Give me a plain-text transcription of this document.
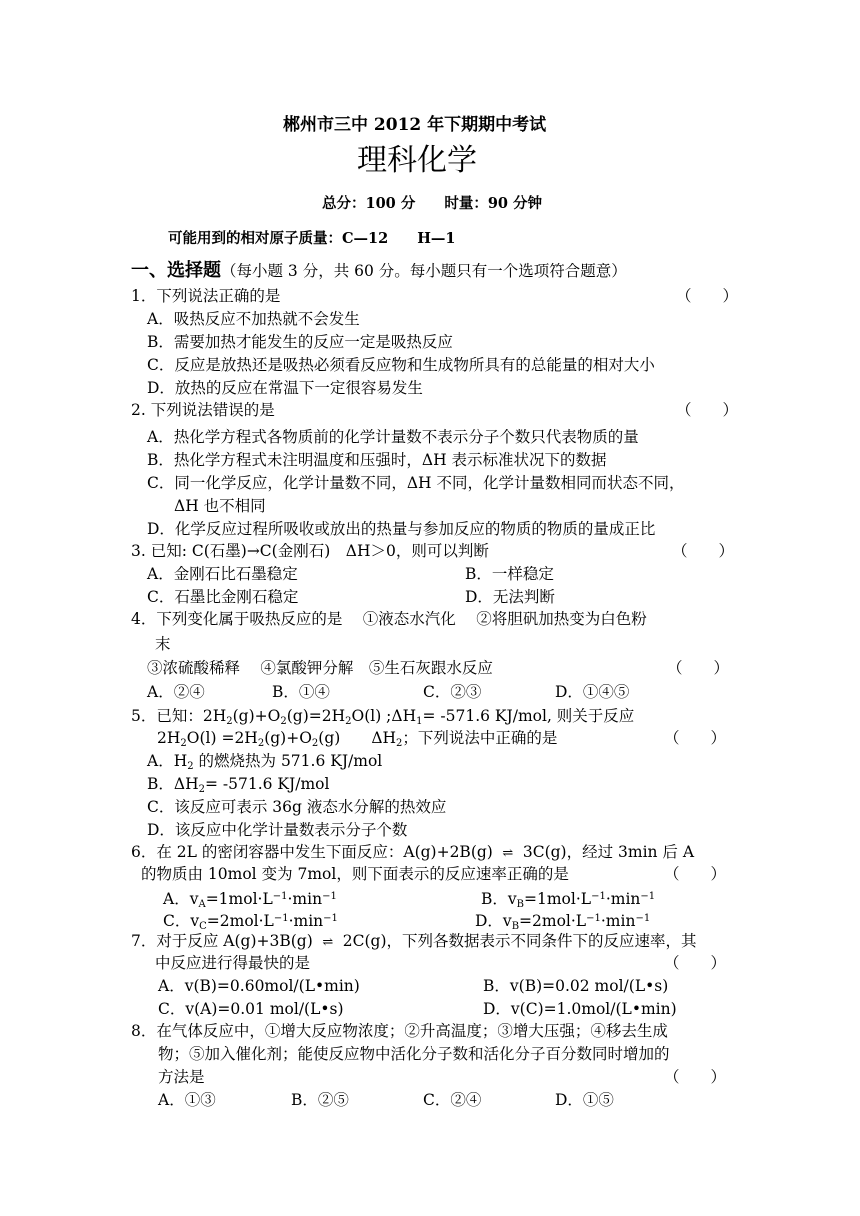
郴州市三中 2012 年下期期中考试
理科化学
总分：100 分　　时量：90 分钟
可能用到的相对原子质量：C—12　　H—1
一、选择题（每小题 3 分，共 60 分。每小题只有一个选项符合题意）
1．下列说法正确的是	（　　）
A．吸热反应不加热就不会发生
B．需要加热才能发生的反应一定是吸热反应
C．反应是放热还是吸热必须看反应物和生成物所具有的总能量的相对大小
D．放热的反应在常温下一定很容易发生
2. 下列说法错误的是	（　　）
A．热化学方程式各物质前的化学计量数不表示分子个数只代表物质的量
B．热化学方程式未注明温度和压强时，ΔH 表示标准状况下的数据
C．同一化学反应，化学计量数不同，ΔH 不同，化学计量数相同而状态不同，
ΔH 也不相同
D．化学反应过程所吸收或放出的热量与参加反应的物质的物质的量成正比
3. 已知: C(石墨)→C(金刚石)　ΔH＞0，则可以判断	（　　）
A．金刚石比石墨稳定	B．一样稳定
C．石墨比金刚石稳定	D．无法判断
4．下列变化属于吸热反应的是　 ①液态水汽化　 ②将胆矾加热变为白色粉
末
③浓硫酸稀释　 ④氯酸钾分解　⑤生石灰跟水反应	（　　）
A．②④	B．①④	C．②③	D．①④⑤
5．已知：$2H_2(g)+O_2(g)=2H_2O(l)$ $;\Delta H_1= -571.6$ KJ/mol, 则关于反应
$2H_2O(l) =2H_2(g)+O_2(g)$　　$\Delta H_2$；下列说法中正确的是	（　　）
A．$H_2$ 的燃烧热为 571.6 KJ/mol
B．$\Delta H_2= -571.6$ KJ/mol
C．该反应可表示 36g 液态水分解的热效应
D．该反应中化学计量数表示分子个数
6．在 2L 的密闭容器中发生下面反应：A(g)+2B(g) ⇌ 3C(g)，经过 3min 后 A
的物质由 10mol 变为 7mol，则下面表示的反应速率正确的是	（　　）
A．$v_A=1mol\cdot L^{-1}\cdot\min^{-1}$	B．$v_B=1mol\cdot L^{-1}\cdot\min^{-1}$
C．$v_C=2mol\cdot L^{-1}\cdot\min^{-1}$	D．$v_B=2mol\cdot L^{-1}\cdot\min^{-1}$
7．对于反应 A(g)+3B(g) ⇌ 2C(g)，下列各数据表示不同条件下的反应速率，其
中反应进行得最快的是	（　　）
A．v(B)=0.60mol/(L•min)	B．v(B)=0.02 mol/(L•s)
C．v(A)=0.01 mol/(L•s)	D．v(C)=1.0mol/(L•min)
8．在气体反应中，①增大反应物浓度；②升高温度；③增大压强；④移去生成
物；⑤加入催化剂；能使反应物中活化分子数和活化分子百分数同时增加的
方法是	（　　）
A．①③	B．②⑤	C．②④	D．①⑤
